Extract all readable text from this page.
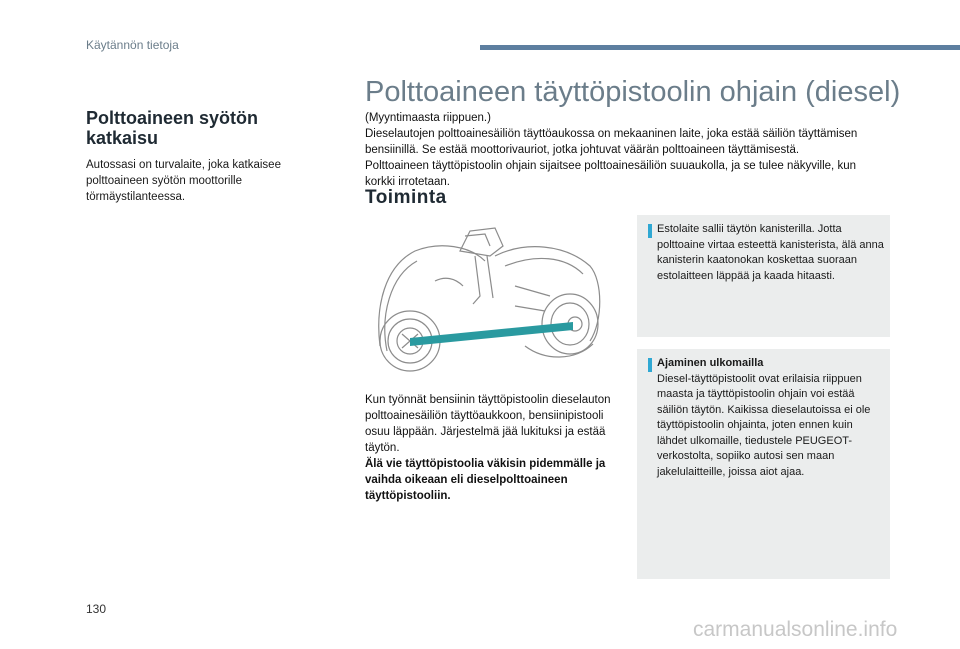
Käytännön tietoja
Polttoaineen syötön katkaisu
Autossasi on turvalaite, joka katkaisee polttoaineen syötön moottorille törmäystilanteessa.
Polttoaineen täyttöpistoolin ohjain (diesel)

(Myyntimaasta riippuen.)

Dieselautojen polttoainesäiliön täyttöaukossa on mekaaninen laite, joka estää säiliön täyttämisen bensiinillä. Se estää moottorivauriot, jotka johtuvat väärän polttoaineen täyttämisestä.

Polttoaineen täyttöpistoolin ohjain sijaitsee polttoainesäiliön suuaukolla, ja se tulee näkyville, kun korkki irrotetaan.

Toiminta

Kun työnnät bensiinin täyttöpistoolin dieselauton polttoainesäiliön täyttöaukkoon, bensiinipistooli osuu läppään. Järjestelmä jää lukituksi ja estää täytön.

Älä vie täyttöpistoolia väkisin pidemmälle ja vaihda oikeaan eli dieselpolttoaineen täyttöpistooliin.

Estolaite sallii täytön kanisterilla. Jotta polttoaine virtaa esteettä kanisterista, älä anna kanisterin kaatonokan koskettaa suoraan estolaitteen läppää ja kaada hitaasti.

Ajaminen ulkomailla

Diesel-täyttöpistoolit ovat erilaisia riippuen maasta ja täyttöpistoolin ohjain voi estää säiliön täytön. Kaikissa dieselautoissa ei ole täyttöpistoolin ohjainta, joten ennen kuin lähdet ulkomaille, tiedustele PEUGEOT-verkostolta, sopiiko autosi sen maan jakelulaitteille, joissa aiot ajaa.

130
carmanualsonline.info
